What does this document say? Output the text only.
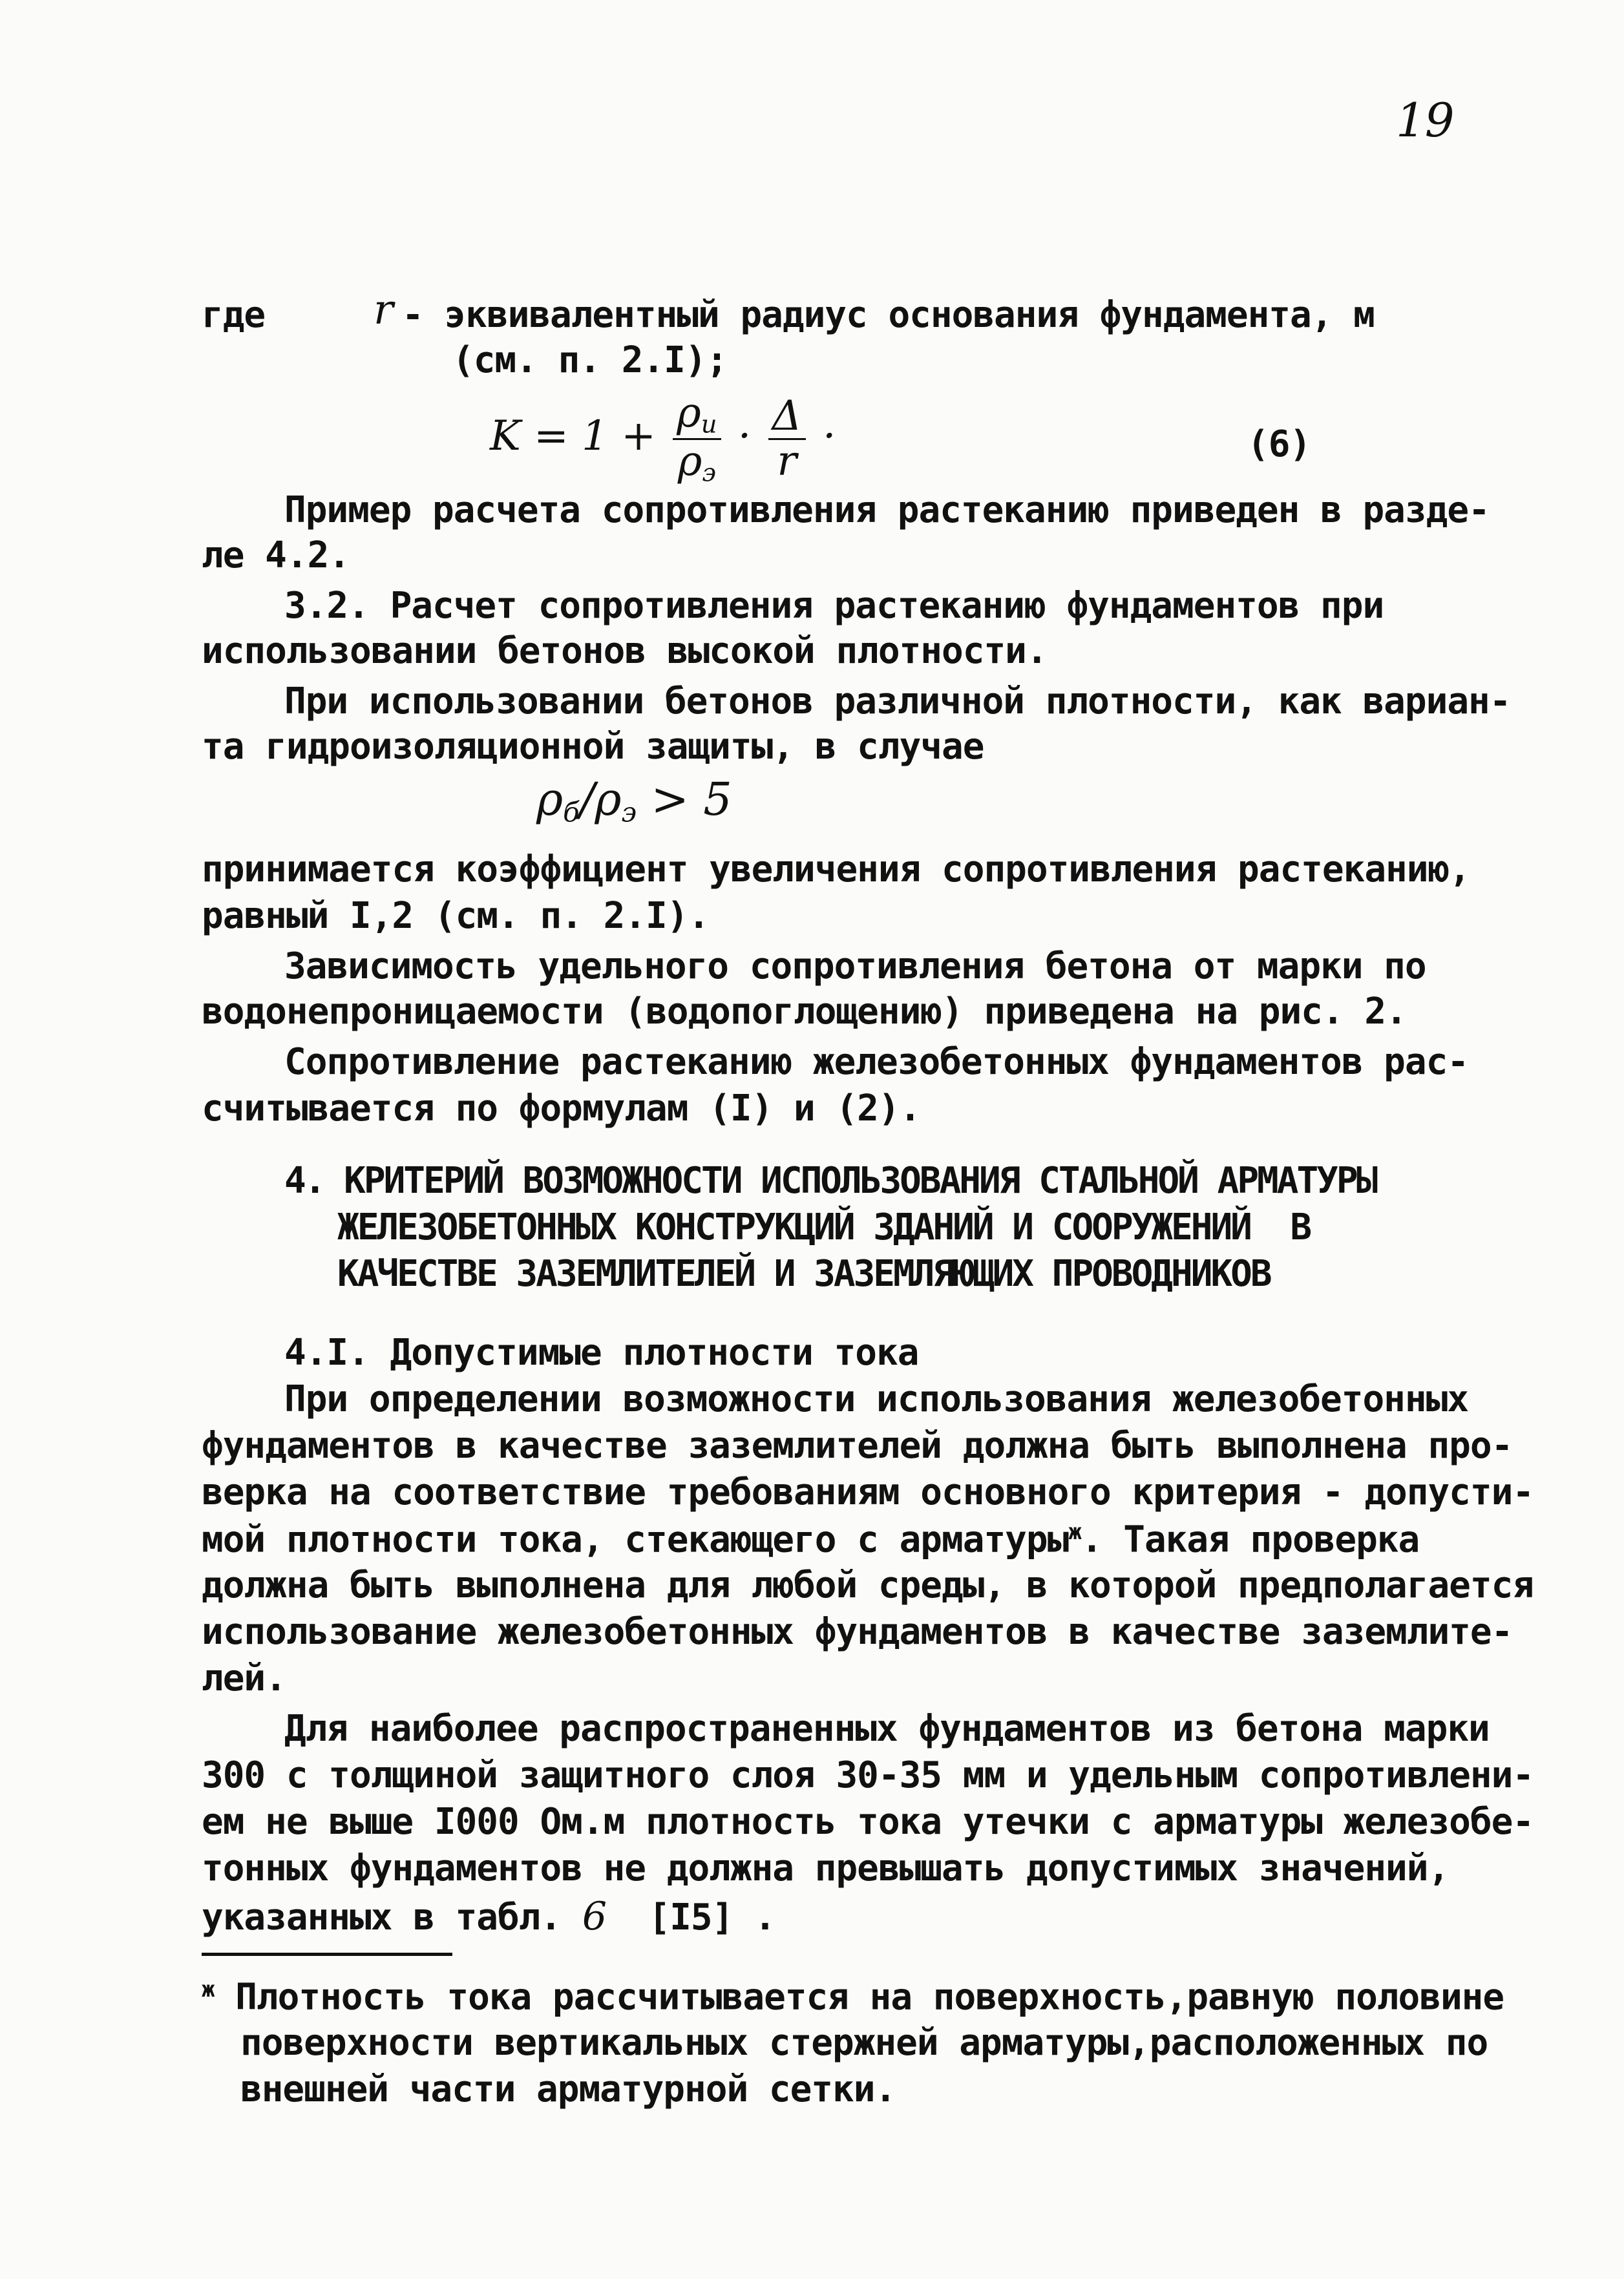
19
где	r - эквивалентный радиус основания фундамента, м
(см. п. 2.I);
$K = 1 + \frac{\rho_и}{\rho_э} \cdot \frac{\Delta}{r}$ ·	(6)
Пример расчета сопротивления растеканию приведен в разде-
ле 4.2.
3.2. Расчет сопротивления растеканию фундаментов при
использовании бетонов высокой плотности.
При использовании бетонов различной плотности, как вариан-
та гидроизоляционной защиты, в случае
$\rho_б/\rho_э > 5$
принимается коэффициент увеличения сопротивления растеканию,
равный I,2 (см. п. 2.I).
Зависимость удельного сопротивления бетона от марки по
водонепроницаемости (водопоглощению) приведена на рис. 2.
Сопротивление растеканию железобетонных фундаментов рас-
считывается по формулам (I) и (2).
4. КРИТЕРИЙ ВОЗМОЖНОСТИ ИСПОЛЬЗОВАНИЯ СТАЛЬНОЙ АРМАТУРЫ
ЖЕЛЕЗОБЕТОННЫХ КОНСТРУКЦИЙ ЗДАНИЙ И СООРУЖЕНИЙ  В
КАЧЕСТВЕ ЗАЗЕМЛИТЕЛЕЙ И ЗАЗЕМЛЯЮЩИХ ПРОВОДНИКОВ
4.I. Допустимые плотности тока
При определении возможности использования железобетонных
фундаментов в качестве заземлителей должна быть выполнена про-
верка на соответствие требованиям основного критерия - допусти-
мой плотности тока, стекающего с арматуры$^ж$. Такая проверка
должна быть выполнена для любой среды, в которой предполагается
использование железобетонных фундаментов в качестве заземлите-
лей.
Для наиболее распространенных фундаментов из бетона марки
300 с толщиной защитного слоя 30-35 мм и удельным сопротивлени-
ем не выше I000 Ом.м плотность тока утечки с арматуры железобе-
тонных фундаментов не должна превышать допустимых значений,
указанных в табл. 6 [I5] .
$^ж$ Плотность тока рассчитывается на поверхность,равную половине
поверхности вертикальных стержней арматуры,расположенных по
внешней части арматурной сетки.
